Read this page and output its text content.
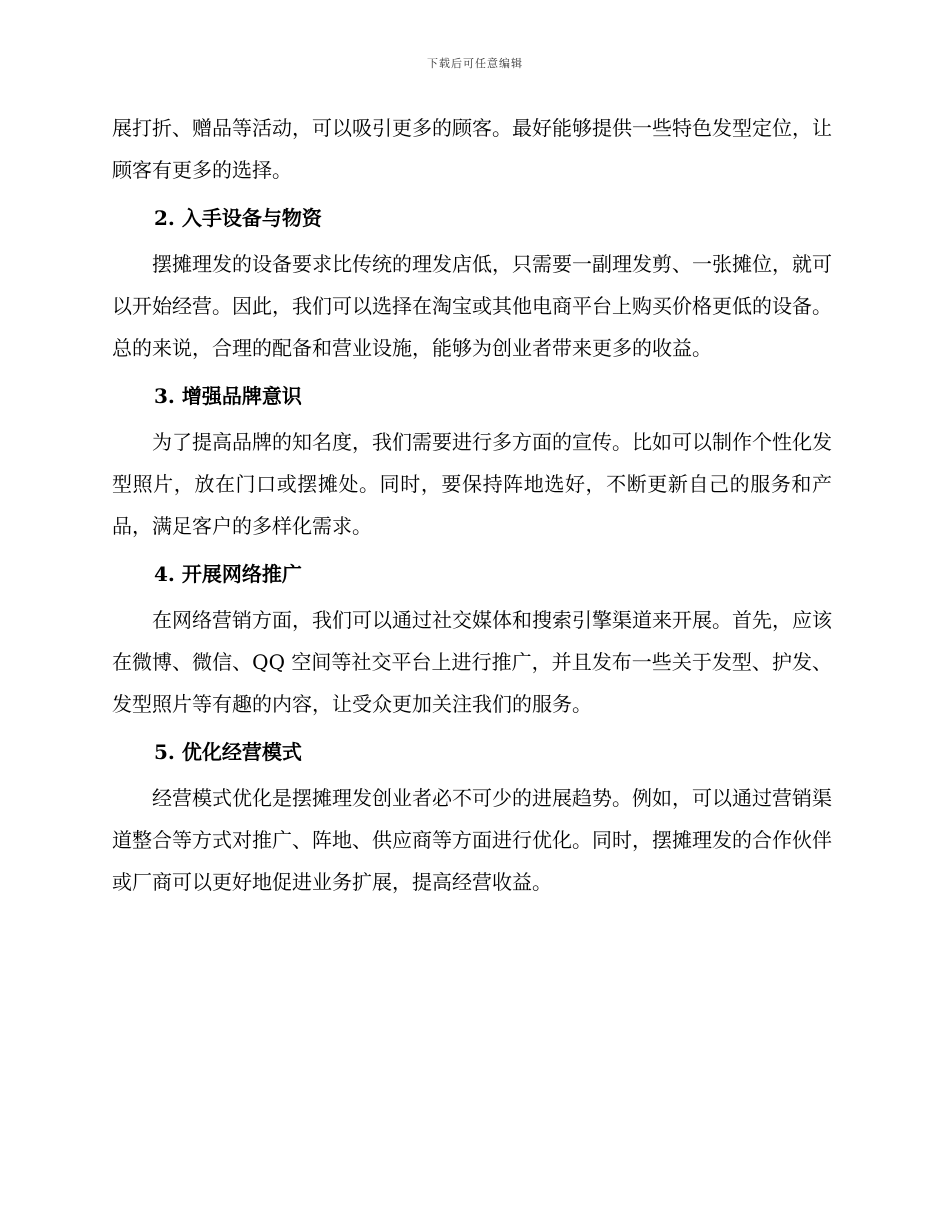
下载后可任意编辑

展打折、赠品等活动，可以吸引更多的顾客。最好能够提供一些特色发型定位，让顾客有更多的选择。

2. 入手设备与物资

摆摊理发的设备要求比传统的理发店低，只需要一副理发剪、一张摊位，就可以开始经营。因此，我们可以选择在淘宝或其他电商平台上购买价格更低的设备。总的来说，合理的配备和营业设施，能够为创业者带来更多的收益。

3. 增强品牌意识

为了提高品牌的知名度，我们需要进行多方面的宣传。比如可以制作个性化发型照片，放在门口或摆摊处。同时，要保持阵地选好，不断更新自己的服务和产品，满足客户的多样化需求。

4. 开展网络推广

在网络营销方面，我们可以通过社交媒体和搜索引擎渠道来开展。首先，应该在微博、微信、QQ 空间等社交平台上进行推广，并且发布一些关于发型、护发、发型照片等有趣的内容，让受众更加关注我们的服务。

5. 优化经营模式

经营模式优化是摆摊理发创业者必不可少的进展趋势。例如，可以通过营销渠道整合等方式对推广、阵地、供应商等方面进行优化。同时，摆摊理发的合作伙伴或厂商可以更好地促进业务扩展，提高经营收益。
